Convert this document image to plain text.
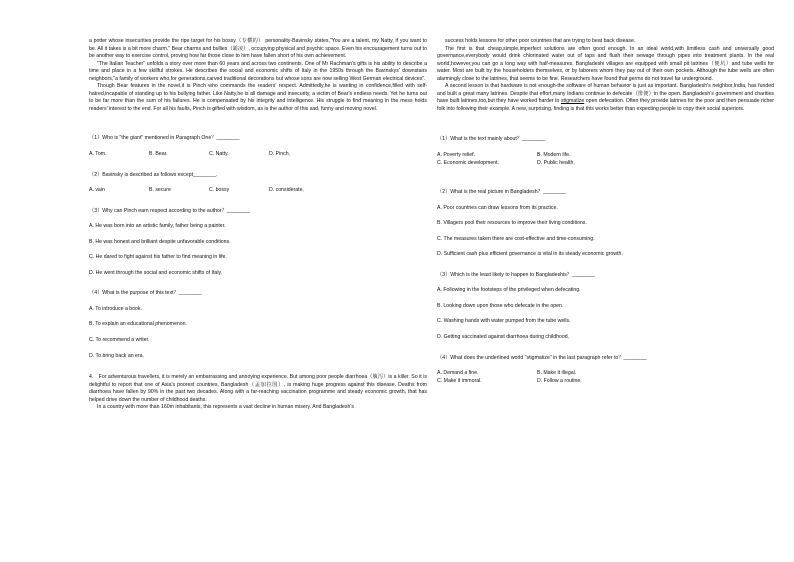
a potter whose insecurities provide the ripe target for his bossy（专横的） personality-Bavinsky states,"You are a talent, my Natty, if you want to be. All it takes is a bit more charm." Bear charms and bullies（霸凌）, occupying physical and psychic space. Even his encouragement turns out to be another way to exercise control, proving how far those close to him have fallen short of his own achievement.

"The Italian Teacher" unfolds a story over more than 60 years and across two continents. One of Mr Rachman's gifts is his ability to describe a time and place in a few skillful strokes. He describes the social and economic shifts of Italy in the 1950s through the Bavinskys' downstairs neighbors,"a family of workers who,for generations,carved traditional decorations but whose sons are now selling West German electrical devices".

Though Bear features in the novel,it is Pinch who commands the readers' respect. Admittedly,he is wanting in confidence,filled with self-hatred,incapable of standing up to his bullying father. Like Natty,he is all damage and insecurity, a victim of Bear's endless needs. Yet he turns out to be far more than the sum of his failures. He is compensated by his integrity and intelligence. His struggle to find meaning in the mess holds readers' interest to the end. For all his faults, Pinch is gifted with wisdom, as is the author of this sad, funny and moving novel.

（1）Who is "the giant" mentioned in Paragraph One？________
A. Tom.	B. Bear.	C. Natty.	D. Pinch．
（2）Bavinsky is described as follows except________.
A. vain	B. secure	C. bossy	D. considerate．
（3）Why can Pinch earn respect according to the author？________
A. He was born into an artistic family, father being a painter.
B. He was honest and brilliant despite unfavorable conditions.
C. He dared to fight against his father to find meaning in life.
D. He went through the social and economic shifts of Italy．
（4）What is the purpose of this text？________
A. To introduce a book.
B. To explain an educational phenomenon.
C. To recommend a writer.
D. To bring back an era．

4.　For adventurous travellers, it is merely an embarrassing and annoying experience. But among poor people diarrhoea（腹泻）is a killer. So it is delightful to report that one of Asia's poorest countries, Bangladesh（孟加拉国）, is making huge progress against this disease. Deaths from diarrhoea have fallen by 90% in the past two decades. Along with a far-reaching vaccination programme and steady economic growth, that has helped drive down the number of childhood deaths.

In a country with more than 160m inhabitants, this represents a vast decline in human misery. And Bangladesh's

success holds lessons for other poor countries that are trying to beat back disease.

The first is that cheap,simple,imperfect solutions are often good enough. In an ideal world,with limitless cash and universally good governance,everybody would drink chlorinated water out of taps and flush their sewage through pipes into treatment plants. In the real world,however,you can go a long way with half-measures. Bangladeshi villages are equipped with small pit latrines（便坑）and tube wells for water. Most are built by the householders themselves, or by laborers whom they pay out of their own pockets. Although the tube wells are often alarmingly close to the latrines, that seems to be fine. Researchers have found that germs do not travel far underground.

A second lesson is that hardware is not enough-the software of human behavior is just as important. Bangladesh's neighbor,India, has funded and built a great many latrines. Despite that effort,many Indians continue to defecate（排便）in the open. Bangladesh's government and charities have built latrines,too,but they have worked harder to stigmatize open defecation. Often they provide latrines for the poor and then persuade richer folk into following their example. A new, surprising, finding is that this works better than expecting people to copy their social superiors.

（1）What is the text mainly about？________
A. Poverty relief.	B. Modern life.
C. Economic development.	D. Public health．
（2）What is the real picture in Bangladesh？________
A. Poor countries can draw lessons from its practice.
B. Villagers pool their resources to improve their living conditions.
C. The measures taken there are cost-effective and time-consuming.
D. Sufficient cash plus efficient governance is vital in its steady economic growth．
（3）Which is the least likely to happen to Bangladeshis？________
A. Following in the footsteps of the privileged when defecating.
B. Looking down upon those who defecate in the open.
C. Washing hands with water pumped from the tube wells.
D. Getting vaccinated against diarrhoea during childhood．
（4）What does the underlined world "stigmatize" in the last paragraph refer to？________
A. Demand a fine.	B. Make it illegal.
C. Make it immoral.	D. Follow a routine．
